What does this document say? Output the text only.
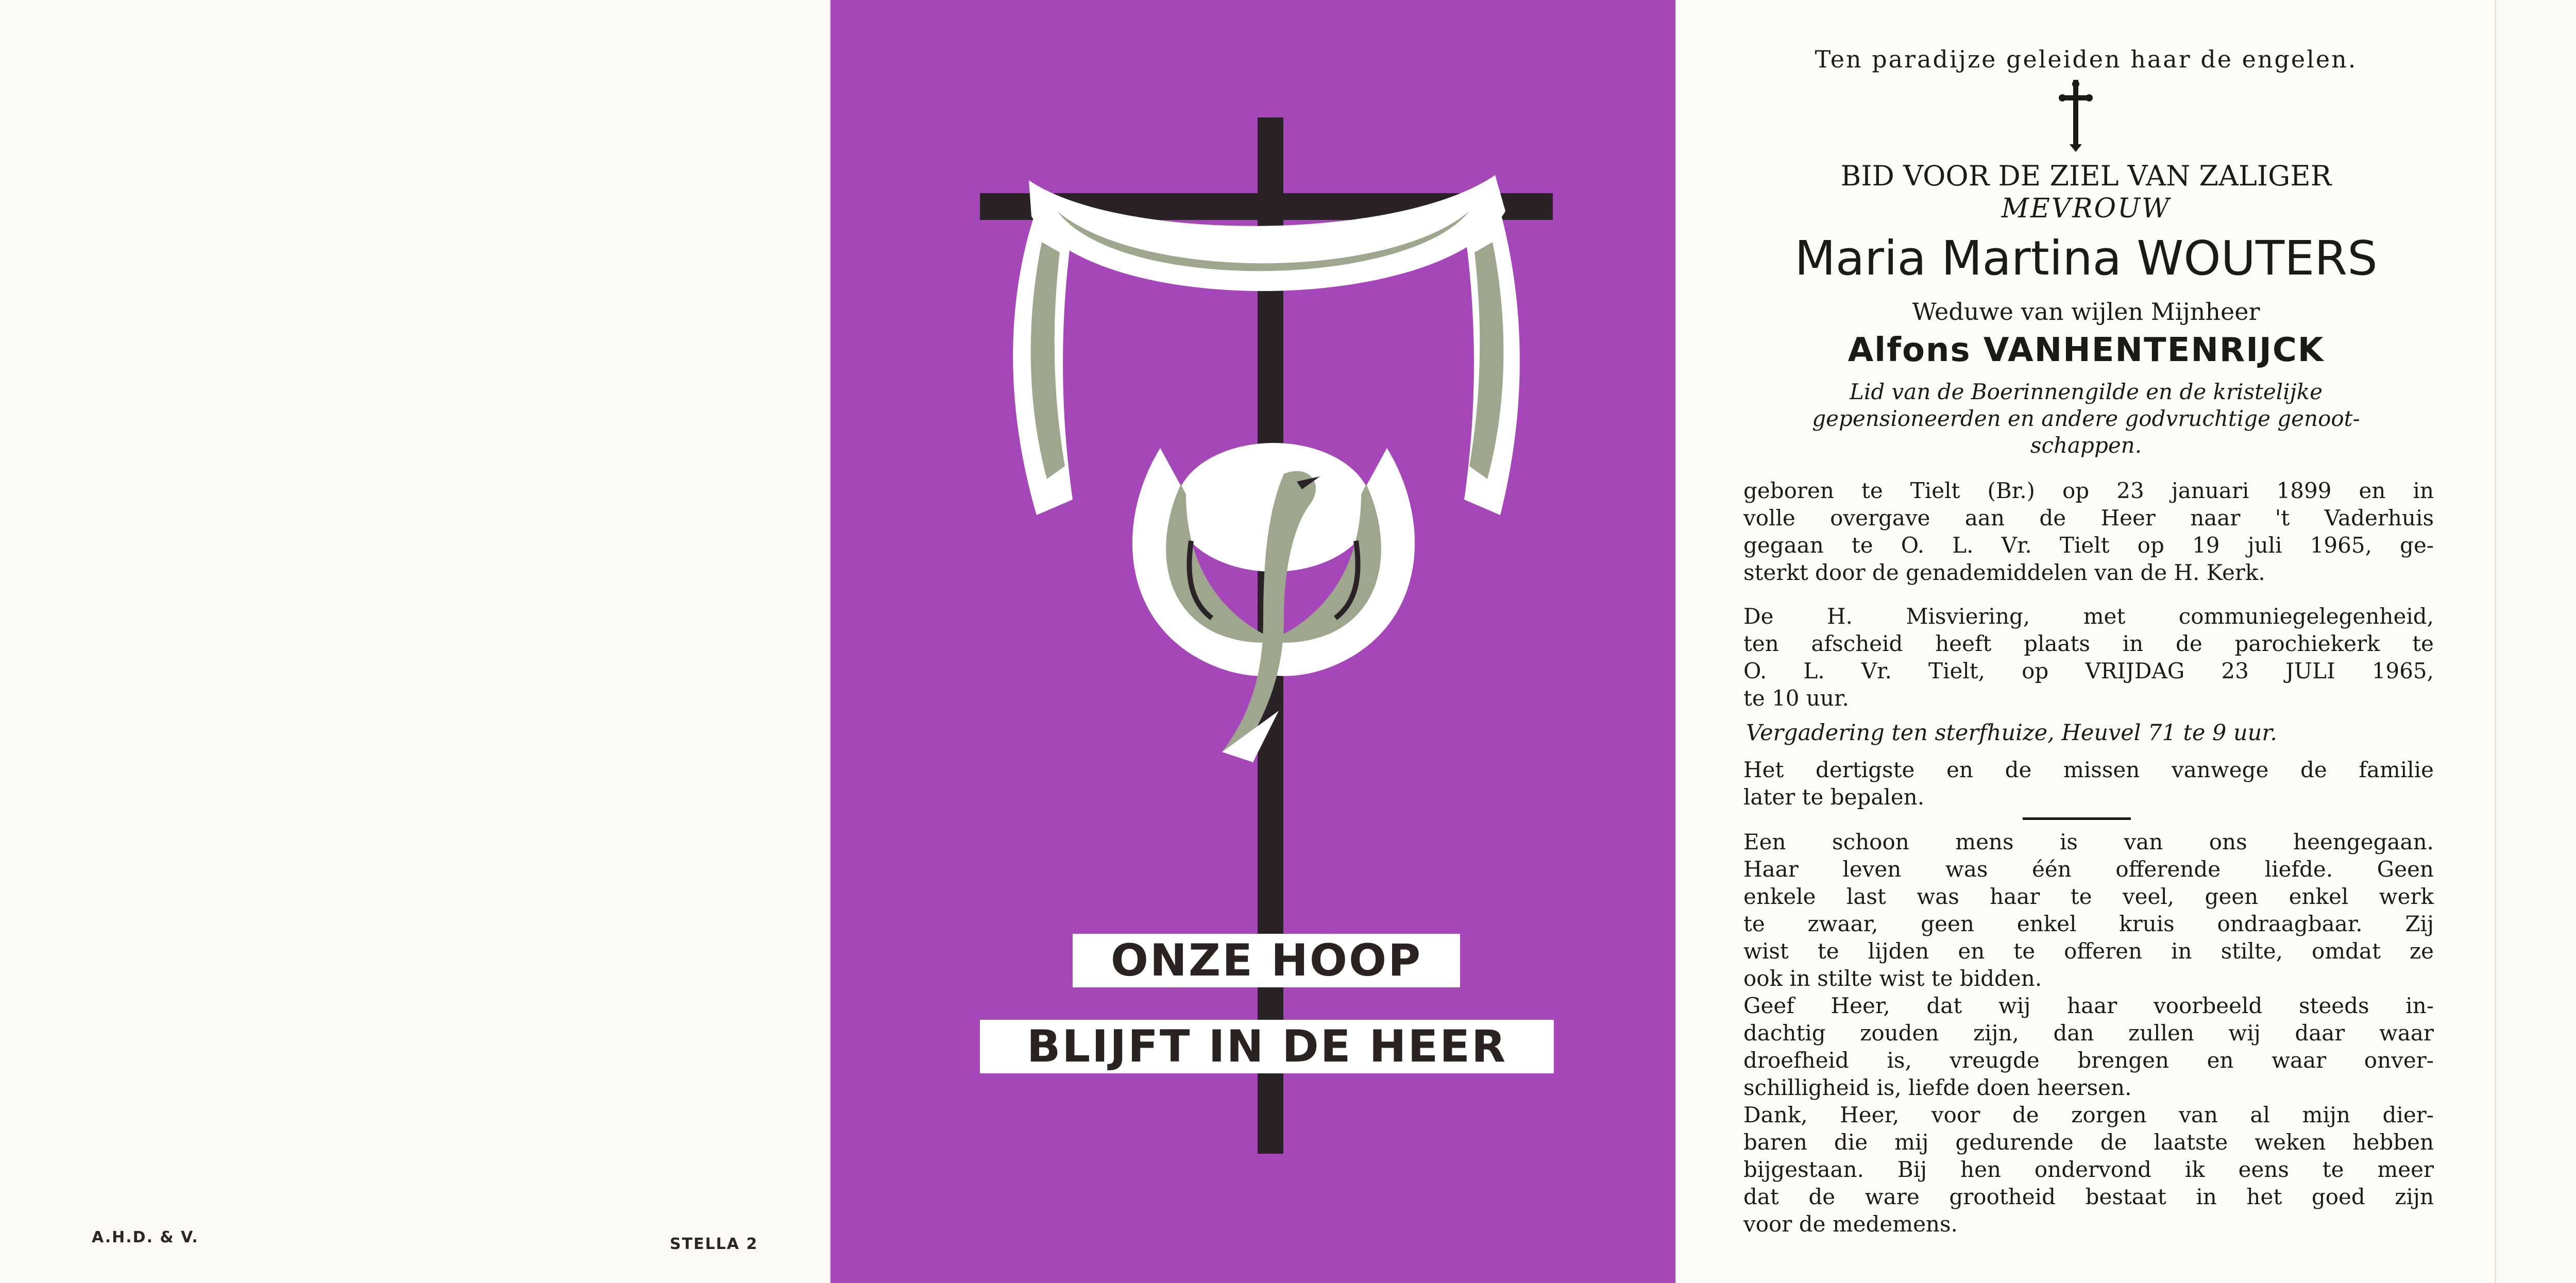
A.H.D. & V.	STELLA 2
ONZE HOOP
BLIJFT IN DE HEER
Ten paradijze geleiden haar de engelen.
BID VOOR DE ZIEL VAN ZALIGER
MEVROUW
Maria Martina WOUTERS
Weduwe van wijlen Mijnheer
Alfons VANHENTENRIJCK
Lid van de Boerinnengilde en de kristelijke
gepensioneerden en andere godvruchtige genoot-
schappen.
geboren te Tielt (Br.) op 23 januari 1899 en in
volle overgave aan de Heer naar 't Vaderhuis
gegaan te O. L. Vr. Tielt op 19 juli 1965, ge-
sterkt door de genademiddelen van de H. Kerk.
De H. Misviering, met communiegelegenheid,
ten afscheid heeft plaats in de parochiekerk te
O. L. Vr. Tielt, op VRIJDAG 23 JULI 1965,
te 10 uur.
Vergadering ten sterfhuize, Heuvel 71 te 9 uur.
Het dertigste en de missen vanwege de familie
later te bepalen.
Een schoon mens is van ons heengegaan.
Haar leven was één offerende liefde. Geen
enkele last was haar te veel, geen enkel werk
te zwaar, geen enkel kruis ondraagbaar. Zij
wist te lijden en te offeren in stilte, omdat ze
ook in stilte wist te bidden.
Geef Heer, dat wij haar voorbeeld steeds in-
dachtig zouden zijn, dan zullen wij daar waar
droefheid is, vreugde brengen en waar onver-
schilligheid is, liefde doen heersen.
Dank, Heer, voor de zorgen van al mijn dier-
baren die mij gedurende de laatste weken hebben
bijgestaan. Bij hen ondervond ik eens te meer
dat de ware grootheid bestaat in het goed zijn
voor de medemens.
